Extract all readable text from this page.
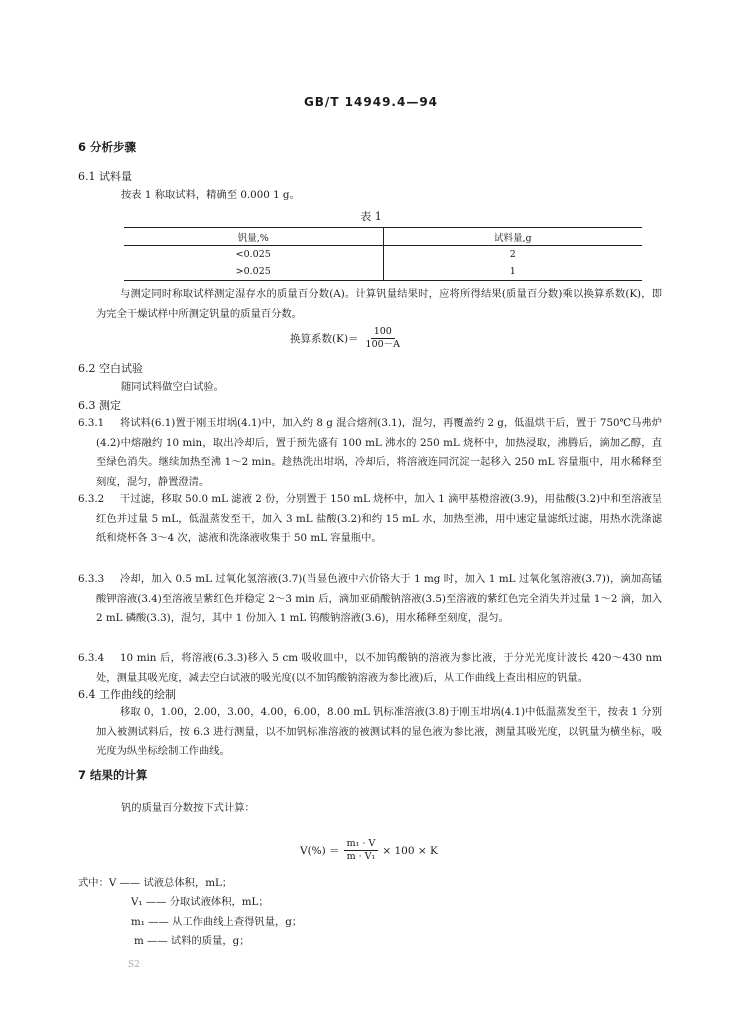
GB/T 14949.4—94
6 分析步骤
6.1 试料量
按表 1 称取试料，精确至 0.000 1 g。
表 1
钒量,%	试料量,g
<0.025	2
>0.025	1
与测定同时称取试样测定湿存水的质量百分数(A)。计算钒量结果时，应将所得结果(质量百分数)乘以换算系数(K)，即为完全干燥试样中所测定钒量的质量百分数。
换算系数$(K)= \frac{100}{100-A}$
6.2 空白试验
随同试料做空白试验。
6.3 测定
6.3.1	将试料(6.1)置于刚玉坩埚(4.1)中，加入约 8 g 混合熔剂(3.1)，混匀，再覆盖约 2 g，低温烘干后，置于 750℃马弗炉(4.2)中熔融约 10 min，取出冷却后，置于预先盛有 100 mL 沸水的 250 mL 烧杯中，加热浸取，沸腾后，滴加乙醇，直至绿色消失。继续加热至沸 1～2 min。趁热洗出坩埚，冷却后，将溶液连同沉淀一起移入 250 mL 容量瓶中，用水稀释至刻度，混匀，静置澄清。
6.3.2	干过滤，移取 50.0 mL 滤液 2 份，分别置于 150 mL 烧杯中，加入 1 滴甲基橙溶液(3.9)，用盐酸(3.2)中和至溶液呈红色并过量 5 mL，低温蒸发至干，加入 3 mL 盐酸(3.2)和约 15 mL 水，加热至沸，用中速定量滤纸过滤，用热水洗涤滤纸和烧杯各 3～4 次，滤液和洗涤液收集于 50 mL 容量瓶中。
6.3.3	冷却，加入 0.5 mL 过氧化氢溶液(3.7)(当显色液中六价铬大于 1 mg 时，加入 1 mL 过氧化氢溶液(3.7))，滴加高锰酸钾溶液(3.4)至溶液呈紫红色并稳定 2～3 min 后，滴加亚硝酸钠溶液(3.5)至溶液的紫红色完全消失并过量 1～2 滴，加入 2 mL 磷酸(3.3)，混匀，其中 1 份加入 1 mL 钨酸钠溶液(3.6)，用水稀释至刻度，混匀。
6.3.4	10 min 后，将溶液(6.3.3)移入 5 cm 吸收皿中，以不加钨酸钠的溶液为参比液，于分光光度计波长 420～430 nm 处，测量其吸光度，减去空白试液的吸光度(以不加钨酸钠溶液为参比液)后，从工作曲线上查出相应的钒量。
6.4 工作曲线的绘制
移取 0，1.00，2.00，3.00，4.00，6.00，8.00 mL 钒标准溶液(3.8)于刚玉坩埚(4.1)中低温蒸发至干，按表 1 分别加入被测试料后，按 6.3 进行测量，以不加钒标准溶液的被测试料的显色液为参比液，测量其吸光度，以钒量为横坐标，吸光度为纵坐标绘制工作曲线。
7 结果的计算
钒的质量百分数按下式计算：
$V(\%) = \frac{\text{m₁ · V}}{\text{m · V₁}} \times 100 \times K$
式中：V —— 试液总体积，mL；
V₁ —— 分取试液体积，mL；
m₁ —— 从工作曲线上查得钒量，g；
m —— 试料的质量，g；
S2
